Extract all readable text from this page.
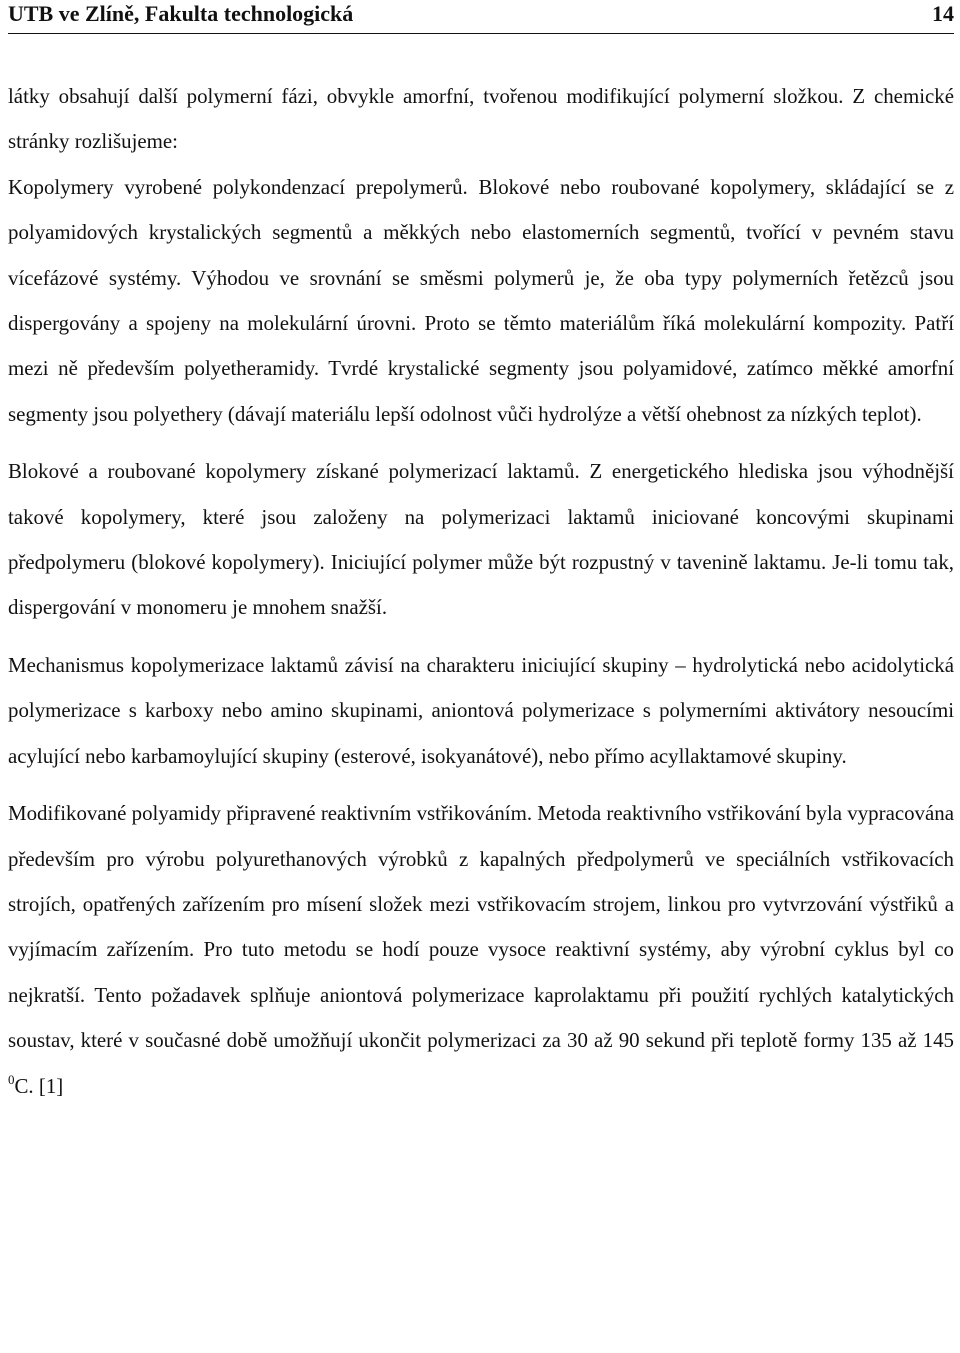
UTB ve Zlíně, Fakulta technologická	14

látky obsahují další polymerní fázi, obvykle amorfní, tvořenou modifikující polymerní složkou. Z chemické stránky rozlišujeme:

Kopolymery vyrobené polykondenzací prepolymerů. Blokové nebo roubované kopolymery, skládající se z polyamidových krystalických segmentů a měkkých nebo elastomerních segmentů, tvořící v pevném stavu vícefázové systémy. Výhodou ve srovnání se směsmi polymerů je, že oba typy polymerních řetězců jsou dispergovány a spojeny na molekulární úrovni. Proto se těmto materiálům říká molekulární kompozity. Patří mezi ně především polyetheramidy. Tvrdé krystalické segmenty jsou polyamidové, zatímco měkké amorfní segmenty jsou polyethery (dávají materiálu lepší odolnost vůči hydrolýze a větší ohebnost za nízkých teplot).

Blokové a roubované kopolymery získané polymerizací laktamů. Z energetického hlediska jsou výhodnější takové kopolymery, které jsou založeny na polymerizaci laktamů iniciované koncovými skupinami předpolymeru (blokové kopolymery). Iniciující polymer může být rozpustný v tavenině laktamu. Je-li tomu tak, dispergování v monomeru je mnohem snažší.

Mechanismus kopolymerizace laktamů závisí na charakteru iniciující skupiny – hydrolytická nebo acidolytická polymerizace s karboxy nebo amino skupinami, aniontová polymerizace s polymerními aktivátory nesoucími acylující nebo karbamoylující skupiny (esterové, isokyanátové), nebo přímo acyllaktamové skupiny.

Modifikované polyamidy připravené reaktivním vstřikováním. Metoda reaktivního vstřikování byla vypracována především pro výrobu polyurethanových výrobků z kapalných předpolymerů ve speciálních vstřikovacích strojích, opatřených zařízením pro mísení složek mezi vstřikovacím strojem, linkou pro vytvrzování výstřiků a vyjímacím zařízením. Pro tuto metodu se hodí pouze vysoce reaktivní systémy, aby výrobní cyklus byl co nejkratší. Tento požadavek splňuje aniontová polymerizace kaprolaktamu při použití rychlých katalytických soustav, které v současné době umožňují ukončit polymerizaci za 30 až 90 sekund při teplotě formy 135 až 145 $^0$C. [1]
